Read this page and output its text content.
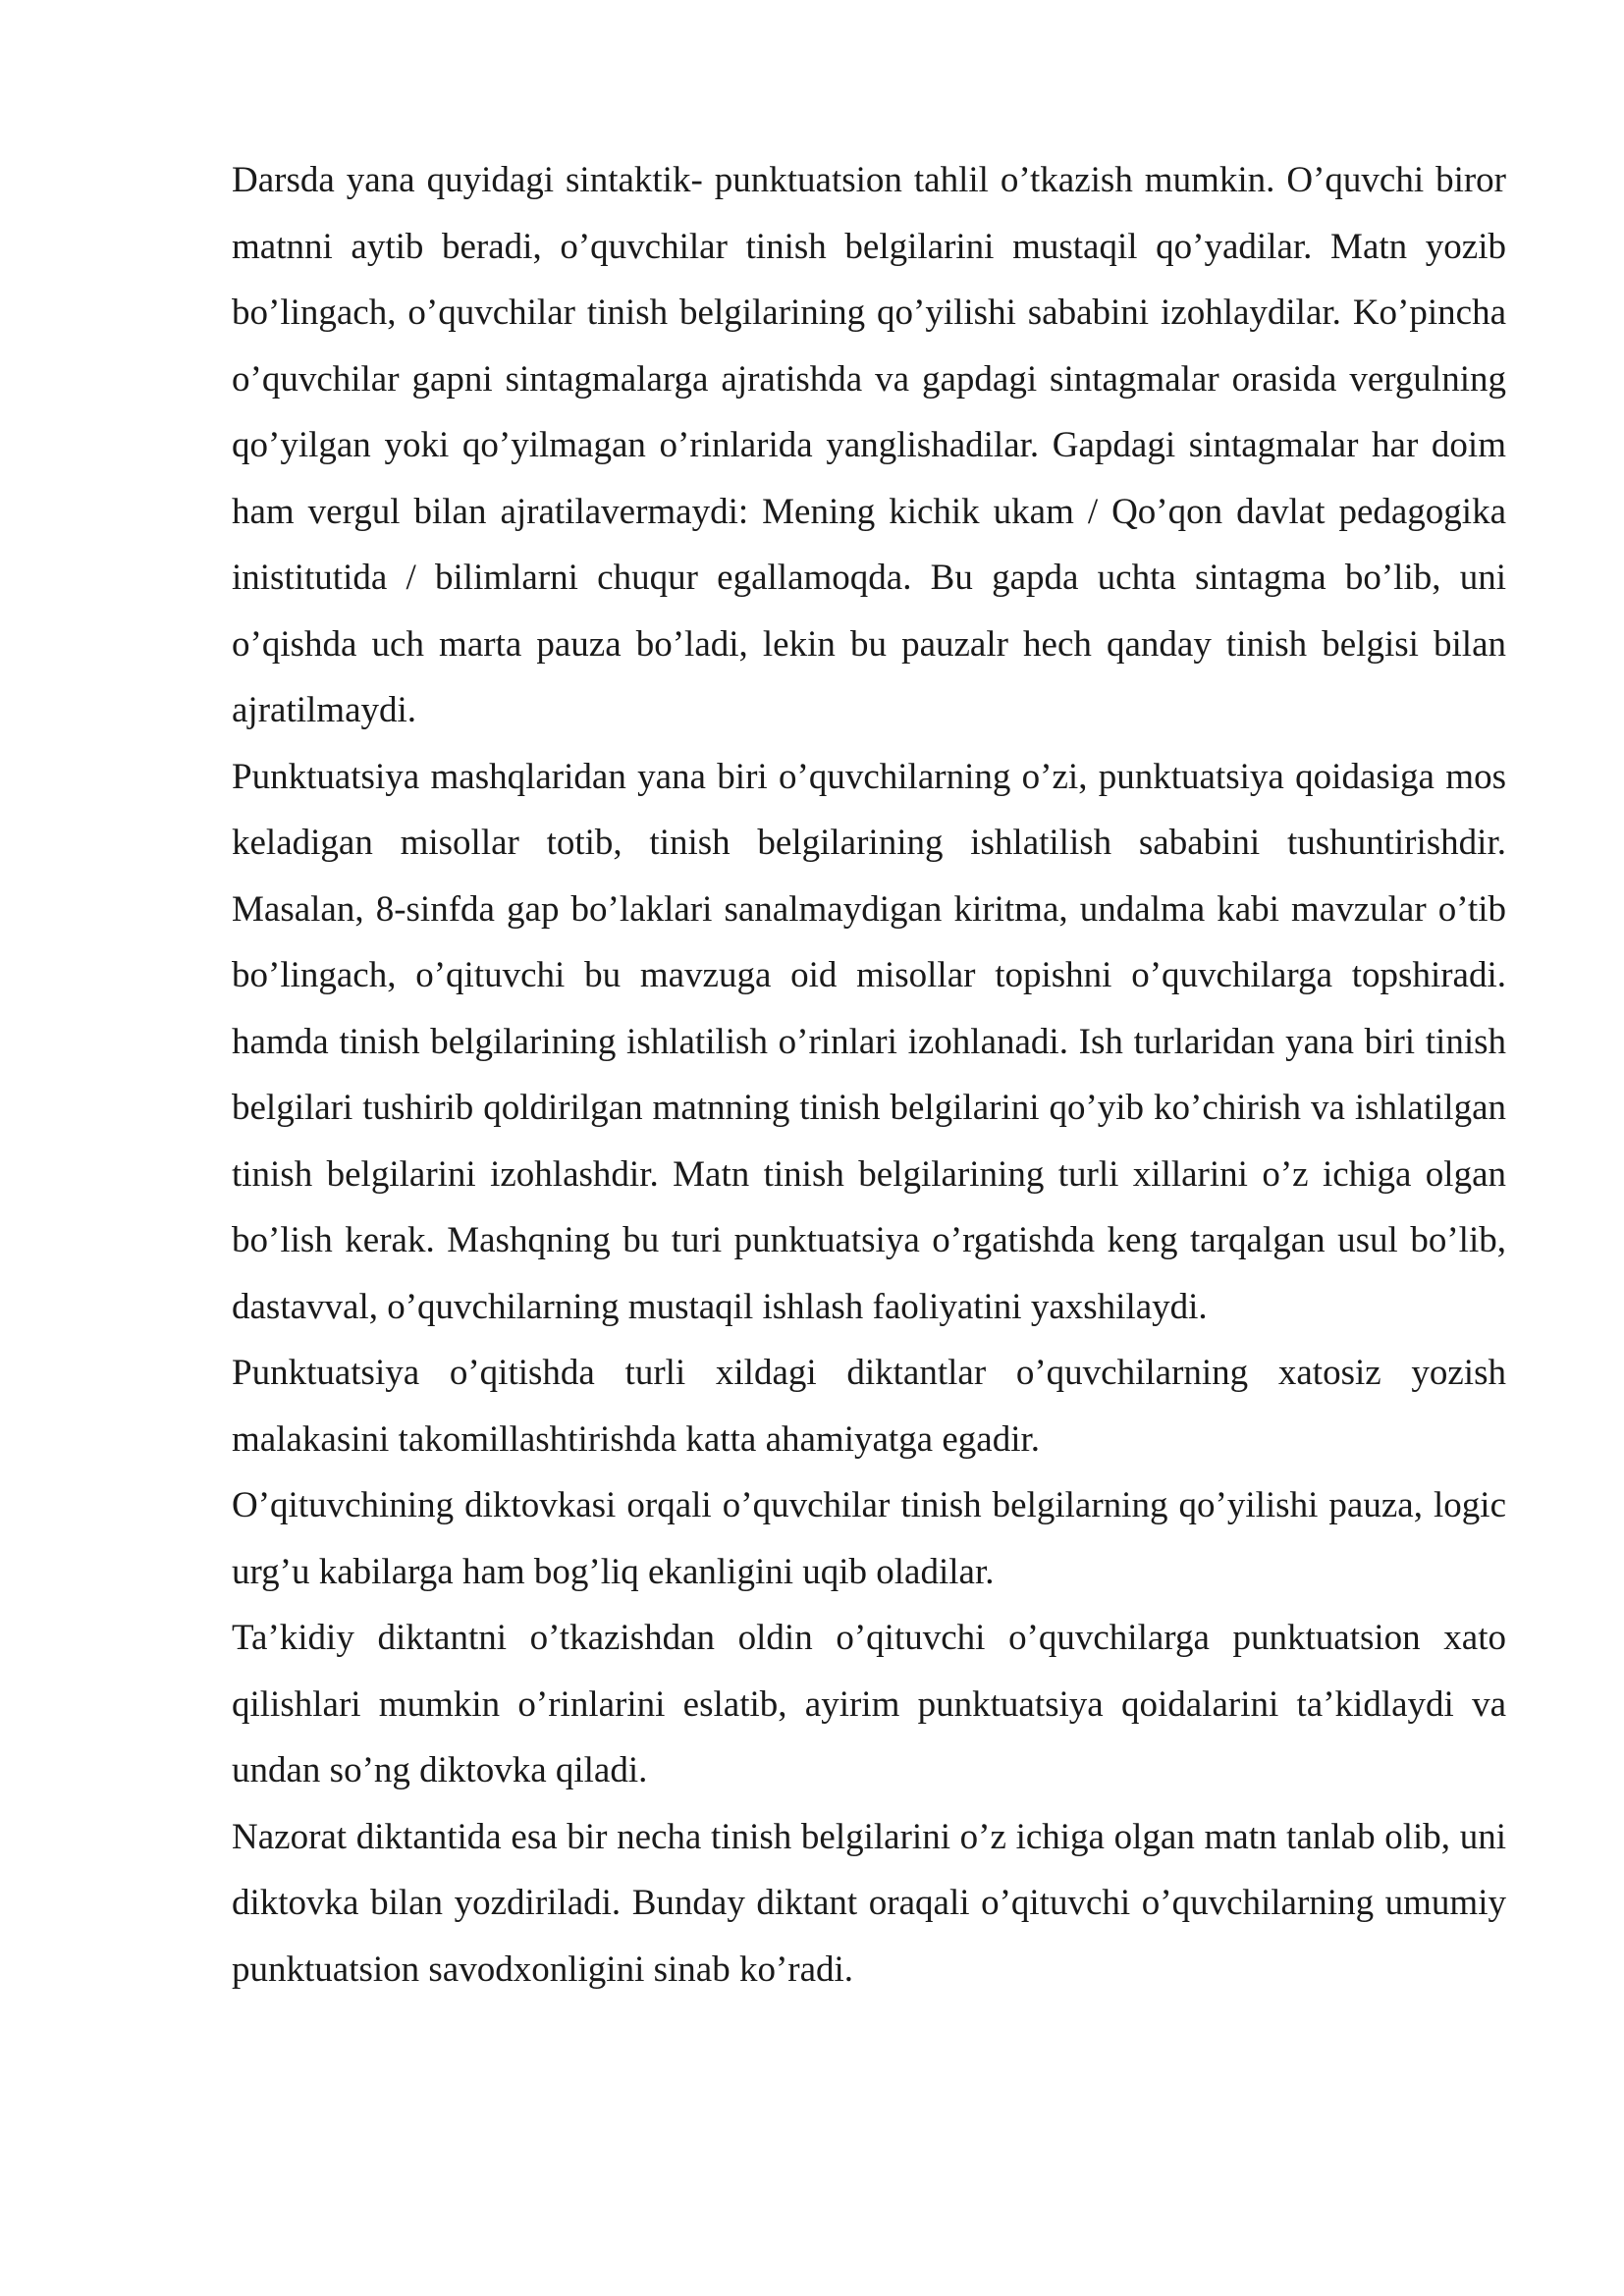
Darsda yana quyidagi sintaktik- punktuatsion tahlil o’tkazish mumkin. O’quvchi biror matnni aytib beradi, o’quvchilar tinish belgilarini mustaqil qo’yadilar. Matn yozib bo’lingach, o’quvchilar tinish belgilarining qo’yilishi sababini izohlaydilar. Ko’pincha o’quvchilar gapni sintagmalarga ajratishda va gapdagi sintagmalar orasida vergulning qo’yilgan yoki qo’yilmagan o’rinlarida yanglishadilar. Gapdagi sintagmalar har doim ham vergul bilan ajratilavermaydi: Mening kichik ukam / Qo’qon davlat pedagogika inistitutida / bilimlarni chuqur egallamoqda. Bu gapda uchta sintagma bo’lib, uni o’qishda uch marta pauza bo’ladi, lekin bu pauzalr hech qanday tinish belgisi bilan ajratilmaydi.

Punktuatsiya mashqlaridan yana biri o’quvchilarning o’zi, punktuatsiya qoidasiga mos keladigan misollar totib, tinish belgilarining ishlatilish sababini tushuntirishdir. Masalan, 8-sinfda gap bo’laklari sanalmaydigan kiritma, undalma kabi mavzular o’tib bo’lingach, o’qituvchi bu mavzuga oid misollar topishni o’quvchilarga topshiradi. hamda tinish belgilarining ishlatilish o’rinlari izohlanadi. Ish turlaridan yana biri tinish belgilari tushirib qoldirilgan matnning tinish belgilarini qo’yib ko’chirish va ishlatilgan tinish belgilarini izohlashdir. Matn tinish belgilarining turli xillarini o’z ichiga olgan bo’lish kerak. Mashqning bu turi punktuatsiya o’rgatishda keng tarqalgan usul bo’lib, dastavval, o’quvchilarning mustaqil ishlash faoliyatini yaxshilaydi.

Punktuatsiya o’qitishda turli xildagi diktantlar o’quvchilarning xatosiz yozish malakasini takomillashtirishda katta ahamiyatga egadir.

O’qituvchining diktovkasi orqali o’quvchilar tinish belgilarning qo’yilishi pauza, logic urg’u kabilarga ham bog’liq ekanligini uqib oladilar.

Ta’kidiy diktantni o’tkazishdan oldin o’qituvchi o’quvchilarga punktuatsion xato qilishlari mumkin o’rinlarini eslatib, ayirim punktuatsiya qoidalarini ta’kidlaydi va undan so’ng diktovka qiladi.

Nazorat diktantida esa bir necha tinish belgilarini o’z ichiga olgan matn tanlab olib, uni diktovka bilan yozdiriladi. Bunday diktant oraqali o’qituvchi o’quvchilarning umumiy punktuatsion savodxonligini sinab ko’radi.
